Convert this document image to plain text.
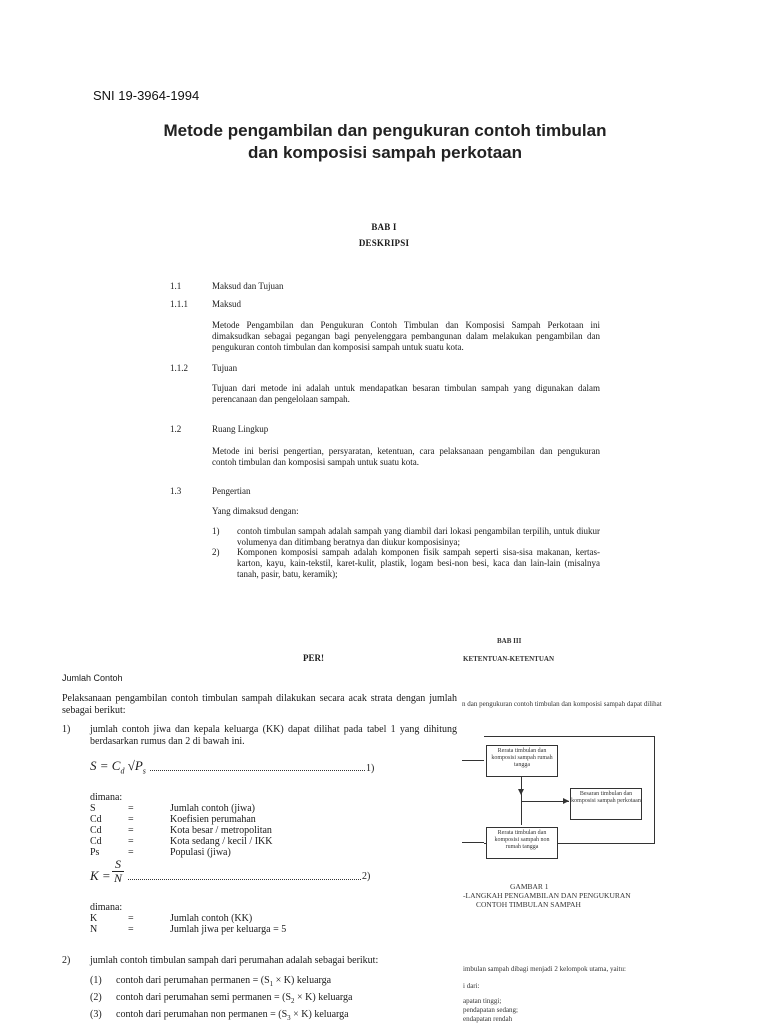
SNI 19-3964-1994
Metode pengambilan dan pengukuran contoh timbulan dan komposisi sampah perkotaan
BAB I
DESKRIPSI
1.1	Maksud dan Tujuan
1.1.1	Maksud
Metode Pengambilan dan Pengukuran Contoh Timbulan dan Komposisi Sampah Perkotaan ini dimaksudkan sebagai pegangan bagi penyelenggara pembangunan dalam melakukan pengambilan dan pengukuran contoh timbulan dan komposisi sampah untuk suatu kota.
1.1.2	Tujuan
Tujuan dari metode ini adalah untuk mendapatkan besaran timbulan sampah yang digunakan dalam perencanaan dan pengelolaan sampah.
1.2	Ruang Lingkup
Metode ini berisi pengertian, persyaratan, ketentuan, cara pelaksanaan pengambilan dan pengukuran contoh timbulan dan komposisi sampah untuk suatu kota.
1.3	Pengertian
Yang dimaksud dengan:
1) contoh timbulan sampah adalah sampah yang diambil dari lokasi pengambilan terpilih, untuk diukur volumenya dan ditimbang beratnya dan diukur komposisinya;
2) Komponen komposisi sampah adalah komponen fisik sampah seperti sisa-sisa makanan, kertas-karton, kayu, kain-tekstil, karet-kulit, plastik, logam besi-non besi, kaca dan lain-lain (misalnya tanah, pasir, batu, keramik);
PER!
Jumlah Contoh
Pelaksanaan pengambilan contoh timbulan sampah dilakukan secara acak strata dengan jumlah sebagai berikut:
1) jumlah contoh jiwa dan kepala keluarga (KK) dapat dilihat pada tabel 1 yang dihitung berdasarkan rumus dan 2 di bawah ini.
$S = C_d$ $√P_s$	1)
dimana:
S	=	Jumlah contoh (jiwa)
Cd	=	Koefisien perumahan
Cd	=	Kota besar / metropolitan
Cd	=	Kota sedang / kecil / IKK
Ps	=	Populasi (jiwa)
$K = \frac{S}{N}$	2)
dimana:
K	=	Jumlah contoh (KK)
N	=	Jumlah jiwa per keluarga = 5
2) jumlah contoh timbulan sampah dari perumahan adalah sebagai berikut:
(1) contoh dari perumahan permanen = $(S_1 \times K)$ keluarga
(2) contoh dari perumahan semi permanen = $(S_2 \times K)$ keluarga
(3) contoh dari perumahan non permanen = $(S_3 \times K)$ keluarga
BAB III
KETENTUAN-KETENTUAN
n dan pengukuran contoh timbulan dan komposisi sampah dapat dilihat
Rerata timbulan dan komposisi sampah rumah tangga
Besaran timbulan dan komposisi sampah perkotaan
Rerata timbulan dan komposisi sampah non rumah tangga
GAMBAR 1
-LANGKAH PENGAMBILAN DAN PENGUKURAN
CONTOH TIMBULAN SAMPAH
imbulan sampah dibagi menjadi 2 kelompok utama, yaitu:
i dari:
apatan tinggi;
pendapatan sedang;
endapatan rendah
